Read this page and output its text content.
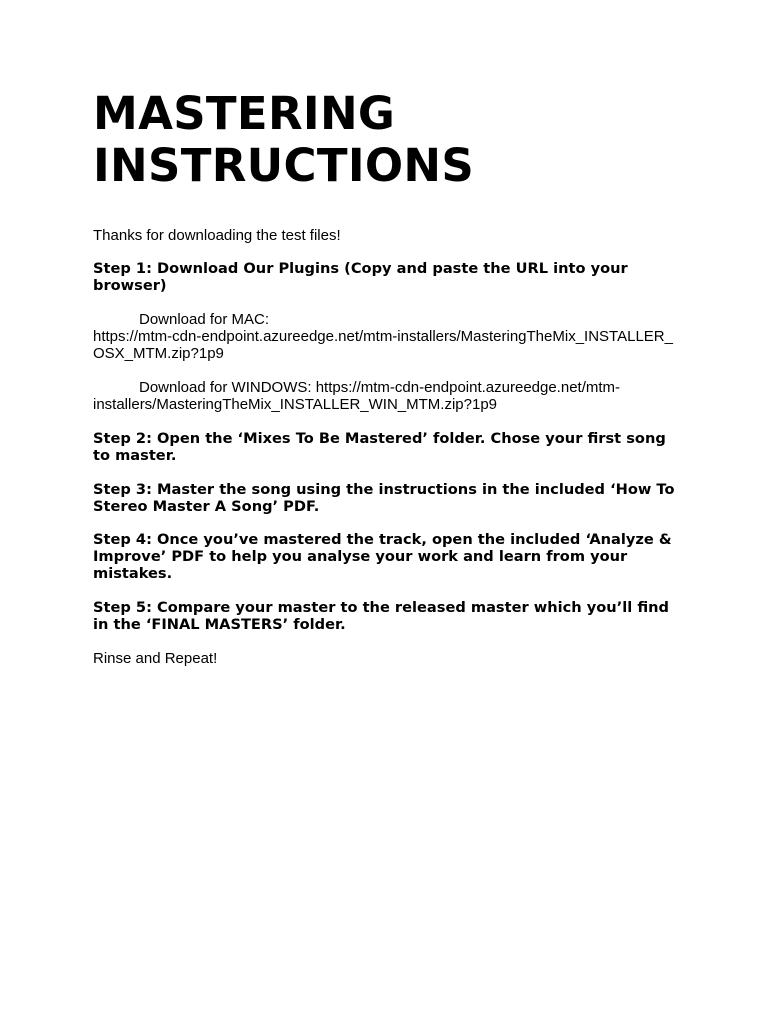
MASTERING
INSTRUCTIONS

Thanks for downloading the test files!

Step 1: Download Our Plugins (Copy and paste the URL into your browser)

Download for MAC:
https://mtm-cdn-endpoint.azureedge.net/mtm-installers/MasteringTheMix_INSTALLER_OSX_MTM.zip?1p9

Download for WINDOWS: https://mtm-cdn-endpoint.azureedge.net/mtm-installers/MasteringTheMix_INSTALLER_WIN_MTM.zip?1p9

Step 2: Open the ‘Mixes To Be Mastered’ folder. Chose your first song to master.

Step 3: Master the song using the instructions in the included ‘How To Stereo Master A Song’ PDF.

Step 4: Once you’ve mastered the track, open the included ‘Analyze & Improve’ PDF to help you analyse your work and learn from your mistakes.

Step 5: Compare your master to the released master which you’ll find in the ‘FINAL MASTERS’ folder.

Rinse and Repeat!
